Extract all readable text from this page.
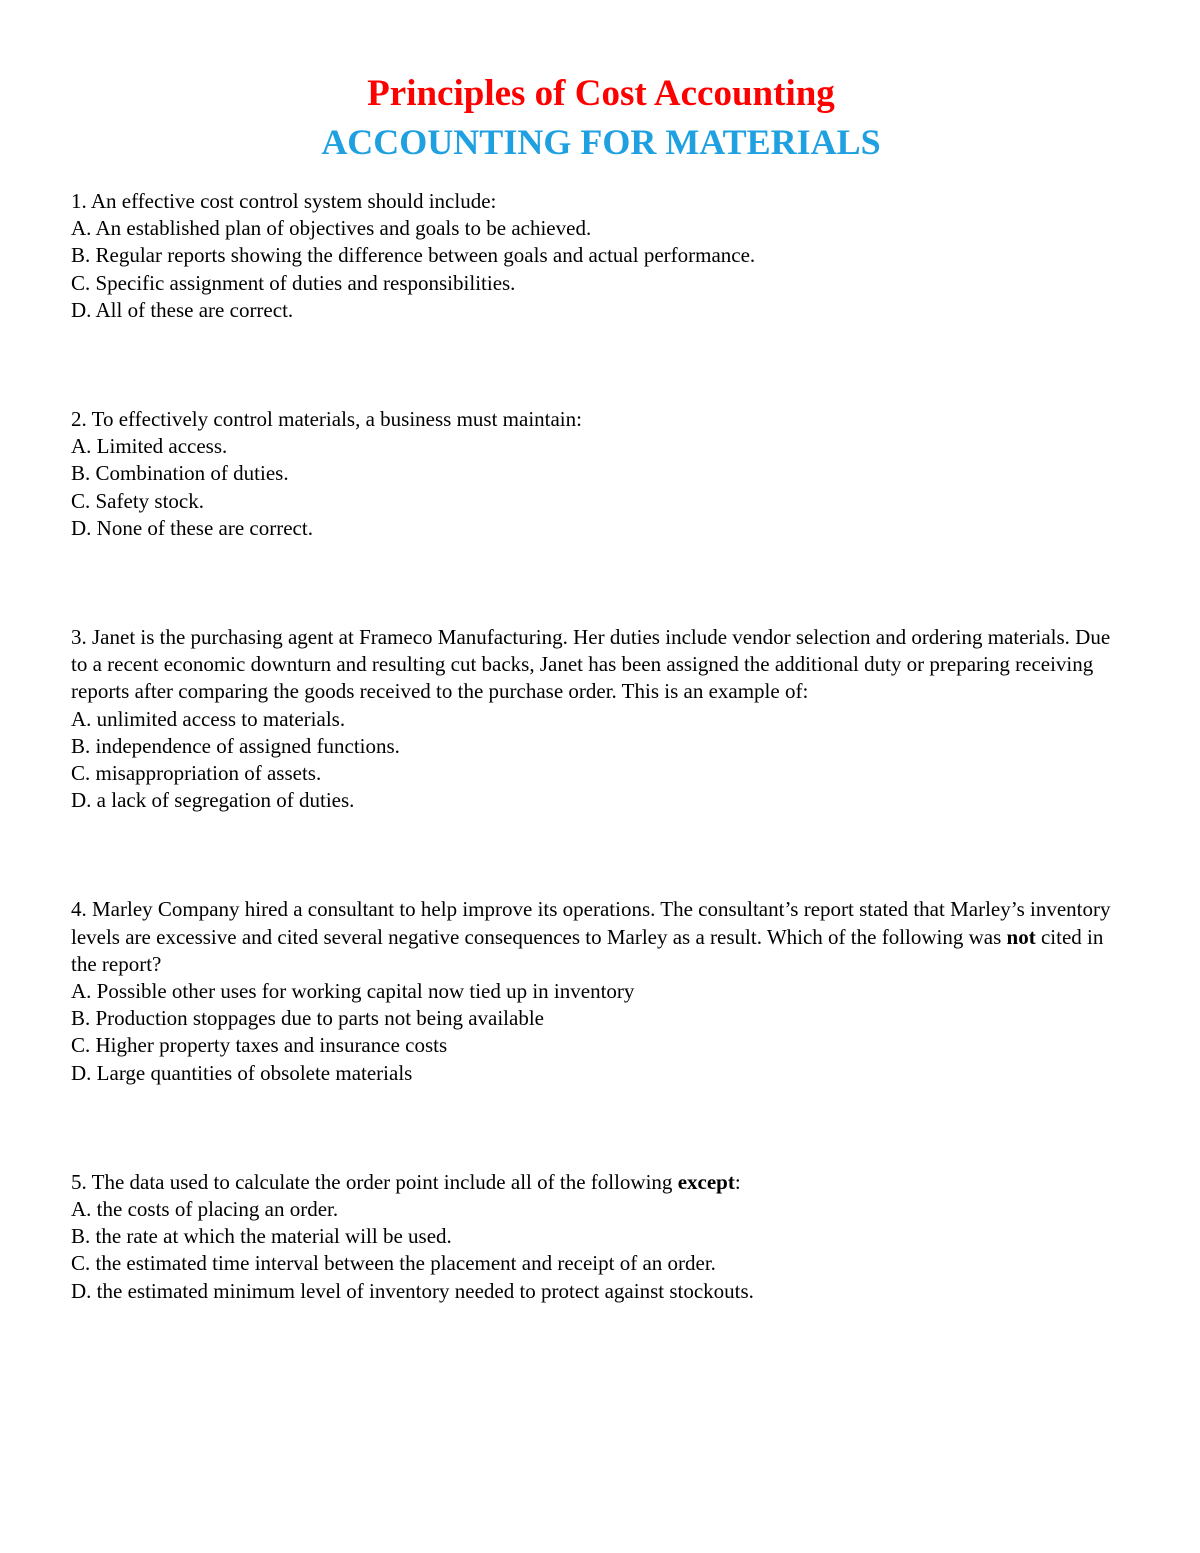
Principles of Cost Accounting
ACCOUNTING FOR MATERIALS

1. An effective cost control system should include:

A. An established plan of objectives and goals to be achieved.

B. Regular reports showing the difference between goals and actual performance.

C. Specific assignment of duties and responsibilities.

D. All of these are correct.

2. To effectively control materials, a business must maintain:

A. Limited access.

B. Combination of duties.

C. Safety stock.

D. None of these are correct.

3. Janet is the purchasing agent at Frameco Manufacturing. Her duties include vendor selection and ordering materials. Due to a recent economic downturn and resulting cut backs, Janet has been assigned the additional duty or preparing receiving reports after comparing the goods received to the purchase order. This is an example of:

A. unlimited access to materials.

B. independence of assigned functions.

C. misappropriation of assets.

D. a lack of segregation of duties.

4. Marley Company hired a consultant to help improve its operations. The consultant’s report stated that Marley’s inventory levels are excessive and cited several negative consequences to Marley as a result. Which of the following was not cited in the report?

A. Possible other uses for working capital now tied up in inventory

B. Production stoppages due to parts not being available

C. Higher property taxes and insurance costs

D. Large quantities of obsolete materials

5. The data used to calculate the order point include all of the following except:

A. the costs of placing an order.

B. the rate at which the material will be used.

C. the estimated time interval between the placement and receipt of an order.

D. the estimated minimum level of inventory needed to protect against stockouts.
